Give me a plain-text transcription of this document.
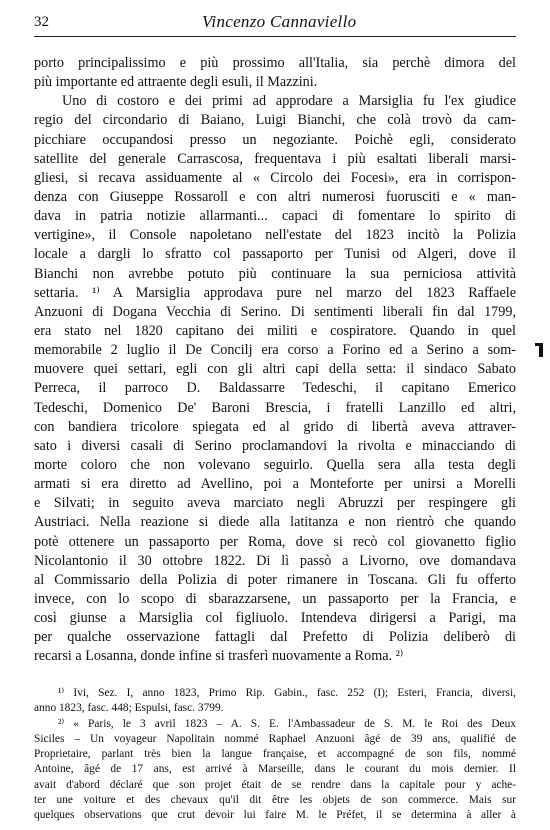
32	Vincenzo Cannaviello
porto principalissimo e più prossimo all'Italia, sia perchè dimora del
più importante ed attraente degli esuli, il Mazzini.
Uno di costoro e dei primi ad approdare a Marsiglia fu l'ex giudice
regio del circondario di Baiano, Luigi Bianchi, che colà trovò da cam-
picchiare occupandosi presso un negoziante. Poichè egli, considerato
satellite del generale Carrascosa, frequentava i più esaltati liberali marsi-
gliesi, si recava assiduamente al « Circolo dei Focesi», era in corrispon-
denza con Giuseppe Rossaroll e con altri numerosi fuorusciti e « man-
dava in patria notizie allarmanti... capaci di fomentare lo spirito di
vertigine», il Console napoletano nell'estate del 1823 incitò la Polizia
locale a dargli lo sfratto col passaporto per Tunisi od Algeri, dove il
Bianchi non avrebbe potuto più continuare la sua perniciosa attività
settaria. ¹⁾ A Marsiglia approdava pure nel marzo del 1823 Raffaele
Anzuoni di Dogana Vecchia di Serino. Di sentimenti liberali fin dal 1799,
era stato nel 1820 capitano dei militi e cospiratore. Quando in quel
memorabile 2 luglio il De Concilj era corso a Forino ed a Serino a som-
muovere quei settari, egli con gli altri capi della setta: il sindaco Sabato
Perreca, il parroco D. Baldassarre Tedeschi, il capitano Emerico
Tedeschi, Domenico De' Baroni Brescia, i fratelli Lanzillo ed altri,
con bandiera tricolore spiegata ed al grido di libertà aveva attraver-
sato i diversi casali di Serino proclamandovi la rivolta e minacciando di
morte coloro che non volevano seguirlo. Quella sera alla testa degli
armati si era diretto ad Avellino, poi a Monteforte per unirsi a Morelli
e Silvati; in seguito aveva marciato negli Abruzzi per respingere gli
Austriaci. Nella reazione si diede alla latitanza e non rientrò che quando
potè ottenere un passaporto per Roma, dove si recò col giovanetto figlio
Nicolantonio il 30 ottobre 1822. Di lì passò a Livorno, ove domandava
al Commissario della Polizia di poter rimanere in Toscana. Gli fu offerto
invece, con lo scopo di sbarazzarsene, un passaporto per la Francia, e
così giunse a Marsiglia col figliuolo. Intendeva dirigersi a Parigi, ma
per qualche osservazione fattagli dal Prefetto di Polizia deliberò di
recarsi a Losanna, donde infine si trasferì nuovamente a Roma. ²⁾
¹⁾ Ivi, Sez. I, anno 1823, Primo Rip. Gabin., fasc. 252 (I); Esteri, Francia, diversi,
anno 1823, fasc. 448; Espulsi, fasc. 3799.
²⁾ « Paris, le 3 avril 1823 – A. S. E. l'Ambassadeur de S. M. le Roi des Deux
Siciles – Un voyageur Napolitain nommé Raphael Anzuoni âgé de 39 ans, qualifié de
Proprietaire, parlant très bien la langue française, et accompagné de son fils, nommé
Antoine, âgé de 17 ans, est arrivé à Marseille, dans le courant du mois dernier. Il
avait d'abord déclaré que son projet était de se rendre dans la capitale pour y ache-
ter une voiture et des chevaux qu'il dit être les objets de son commerce. Mais sur
quelques observations que crut devoir lui faire M. le Préfet, il se determina à aller à
